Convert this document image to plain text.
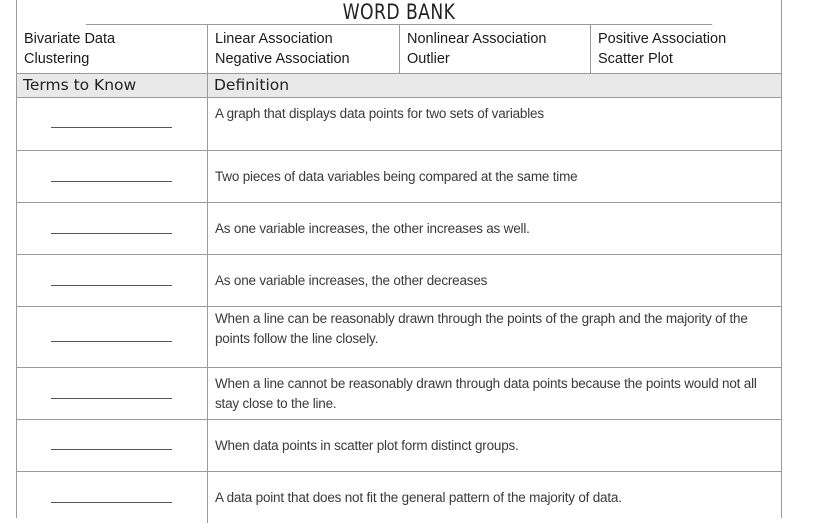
WORD BANK
Bivariate Data
Clustering
Linear Association
Negative Association
Nonlinear Association
Outlier
Positive Association
Scatter Plot
Terms to Know	Definition
A graph that displays data points for two sets of variables
Two pieces of data variables being compared at the same time
As one variable increases, the other increases as well.
As one variable increases, the other decreases
When a line can be reasonably drawn through the points of the graph and the majority of the points follow the line closely.
When a line cannot be reasonably drawn through data points because the points would not all stay close to the line.
When data points in scatter plot form distinct groups.
A data point that does not fit the general pattern of the majority of data.
